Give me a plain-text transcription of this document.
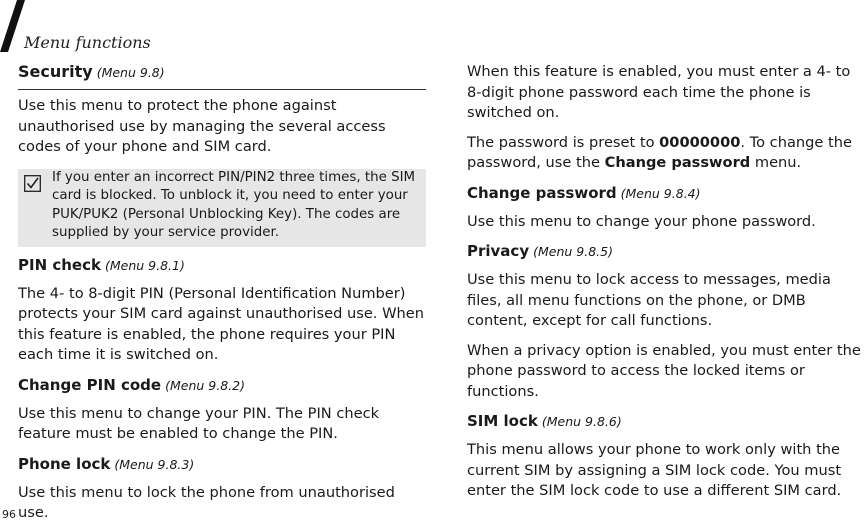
Menu functions
Security (Menu 9.8)

Use this menu to protect the phone against unauthorised use by managing the several access codes of your phone and SIM card.

If you enter an incorrect PIN/PIN2 three times, the SIM card is blocked. To unblock it, you need to enter your PUK/PUK2 (Personal Unblocking Key). The codes are supplied by your service provider.

PIN check (Menu 9.8.1)

The 4- to 8-digit PIN (Personal Identification Number) protects your SIM card against unauthorised use. When this feature is enabled, the phone requires your PIN each time it is switched on.

Change PIN code (Menu 9.8.2)

Use this menu to change your PIN. The PIN check feature must be enabled to change the PIN.

Phone lock (Menu 9.8.3)

Use this menu to lock the phone from unauthorised use.

When this feature is enabled, you must enter a 4- to 8-digit phone password each time the phone is switched on.

The password is preset to 00000000. To change the password, use the Change password menu.

Change password (Menu 9.8.4)

Use this menu to change your phone password.

Privacy (Menu 9.8.5)

Use this menu to lock access to messages, media files, all menu functions on the phone, or DMB content, except for call functions.

When a privacy option is enabled, you must enter the phone password to access the locked items or functions.

SIM lock (Menu 9.8.6)

This menu allows your phone to work only with the current SIM by assigning a SIM lock code. You must enter the SIM lock code to use a different SIM card.

96
